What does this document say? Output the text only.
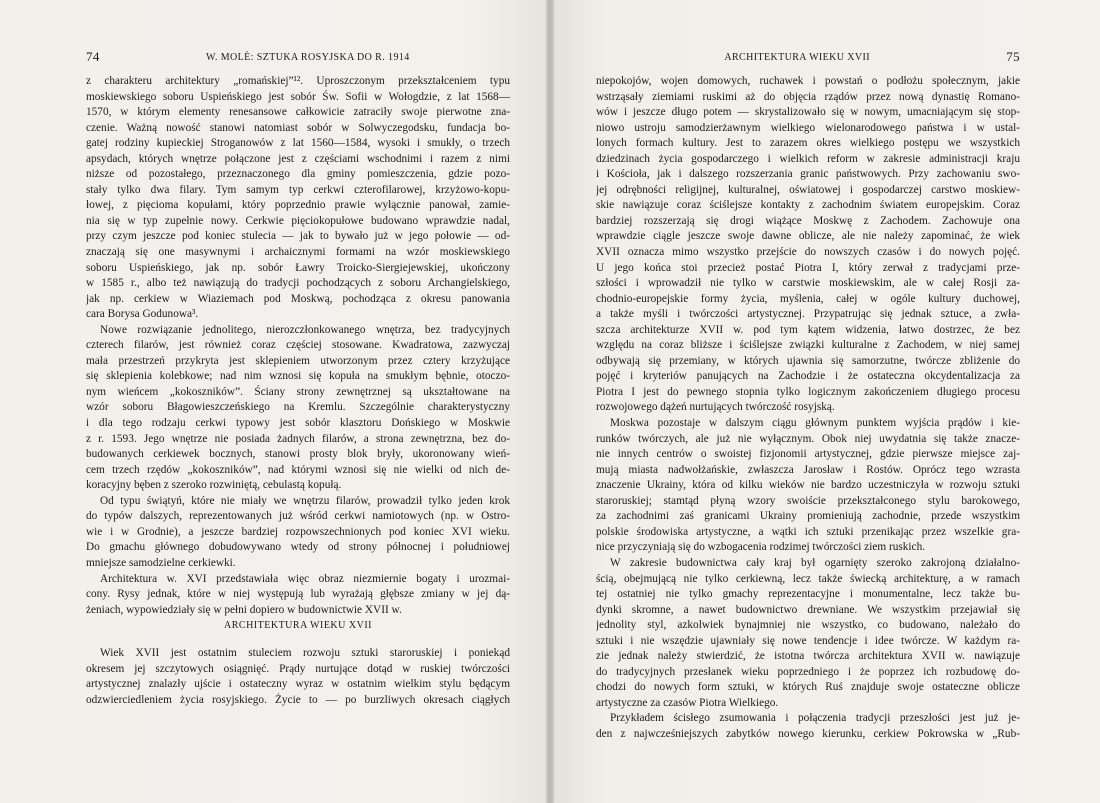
74	W. MOLÈ: SZTUKA ROSYJSKA DO R. 1914
z charakteru architektury „romańskiej”¹². Uproszczonym przekształceniem typu
moskiewskiego soboru Uspieńskiego jest sobór Św. Sofii w Wołogdzie, z lat 1568—
1570, w którym elementy renesansowe całkowicie zatraciły swoje pierwotne zna-
czenie. Ważną nowość stanowi natomiast sobór w Solwyczegodsku, fundacja bo-
gatej rodziny kupieckiej Stroganowów z lat 1560—1584, wysoki i smukły, o trzech
apsydach, których wnętrze połączone jest z częściami wschodnimi i razem z nimi
niższe od pozostałego, przeznaczonego dla gminy pomieszczenia, gdzie pozo-
stały tylko dwa filary. Tym samym typ cerkwi czterofilarowej, krzyżowo-kopu-
łowej, z pięcioma kopułami, który poprzednio prawie wyłącznie panował, zamie-
nia się w typ zupełnie nowy. Cerkwie pięciokopułowe budowano wprawdzie nadal,
przy czym jeszcze pod koniec stulecia — jak to bywało już w jego połowie — od-
znaczają się one masywnymi i archaicznymi formami na wzór moskiewskiego
soboru Uspieńskiego, jak np. sobór Ławry Troicko-Siergiejewskiej, ukończony
w 1585 r., albo też nawiązują do tradycji pochodzących z soboru Archangielskiego,
jak np. cerkiew w Wiaziemach pod Moskwą, pochodząca z okresu panowania
cara Borysa Godunowa³.
Nowe rozwiązanie jednolitego, nierozczłonkowanego wnętrza, bez tradycyjnych
czterech filarów, jest również coraz częściej stosowane. Kwadratowa, zazwyczaj
mała przestrzeń przykryta jest sklepieniem utworzonym przez cztery krzyżujące
się sklepienia kolebkowe; nad nim wznosi się kopuła na smukłym bębnie, otoczo-
nym wieńcem „kokoszników”. Ściany strony zewnętrznej są ukształtowane na
wzór soboru Błagowieszczeńskiego na Kremlu. Szczególnie charakterystyczny
i dla tego rodzaju cerkwi typowy jest sobór klasztoru Dońskiego w Moskwie
z r. 1593. Jego wnętrze nie posiada żadnych filarów, a strona zewnętrzna, bez do-
budowanych cerkiewek bocznych, stanowi prosty blok bryły, ukoronowany wień-
cem trzech rzędów „kokoszników”, nad którymi wznosi się nie wielki od nich de-
koracyjny bęben z szeroko rozwiniętą, cebulastą kopułą.
Od typu świątyń, które nie miały we wnętrzu filarów, prowadził tylko jeden krok
do typów dalszych, reprezentowanych już wśród cerkwi namiotowych (np. w Ostro-
wie i w Grodnie), a jeszcze bardziej rozpowszechnionych pod koniec XVI wieku.
Do gmachu głównego dobudowywano wtedy od strony północnej i południowej
mniejsze samodzielne cerkiewki.
Architektura w. XVI przedstawiała więc obraz niezmiernie bogaty i urozmai-
cony. Rysy jednak, które w niej występują lub wyrażają głębsze zmiany w jej dą-
żeniach, wypowiedziały się w pełni dopiero w budownictwie XVII w.
ARCHITEKTURA WIEKU XVII
Wiek XVII jest ostatnim stuleciem rozwoju sztuki staroruskiej i poniekąd
okresem jej szczytowych osiągnięć. Prądy nurtujące dotąd w ruskiej twórczości
artystycznej znalazły ujście i ostateczny wyraz w ostatnim wielkim stylu będącym
odzwierciedleniem życia rosyjskiego. Życie to — po burzliwych okresach ciągłych
ARCHITEKTURA WIEKU XVII	75
niepokojów, wojen domowych, ruchawek i powstań o podłożu społecznym, jakie
wstrząsały ziemiami ruskimi aż do objęcia rządów przez nową dynastię Romano-
wów i jeszcze długo potem — skrystalizowało się w nowym, umacniającym się stop-
niowo ustroju samodzierżawnym wielkiego wielonarodowego państwa i w ustal-
lonych formach kultury. Jest to zarazem okres wielkiego postępu we wszystkich
dziedzinach życia gospodarczego i wielkich reform w zakresie administracji kraju
i Kościoła, jak i dalszego rozszerzania granic państwowych. Przy zachowaniu swo-
jej odrębności religijnej, kulturalnej, oświatowej i gospodarczej carstwo moskiew-
skie nawiązuje coraz ściślejsze kontakty z zachodnim światem europejskim. Coraz
bardziej rozszerzają się drogi wiążące Moskwę z Zachodem. Zachowuje ona
wprawdzie ciągle jeszcze swoje dawne oblicze, ale nie należy zapominać, że wiek
XVII oznacza mimo wszystko przejście do nowszych czasów i do nowych pojęć.
U jego końca stoi przecież postać Piotra I, który zerwał z tradycjami prze-
szłości i wprowadził nie tylko w carstwie moskiewskim, ale w całej Rosji za-
chodnio-europejskie formy życia, myślenia, całej w ogóle kultury duchowej,
a także myśli i twórczości artystycznej. Przypatrując się jednak sztuce, a zwła-
szcza architekturze XVII w. pod tym kątem widzenia, łatwo dostrzec, że bez
względu na coraz bliższe i ściślejsze związki kulturalne z Zachodem, w niej samej
odbywają się przemiany, w których ujawnia się samorzutne, twórcze zbliżenie do
pojęć i kryteriów panujących na Zachodzie i że ostateczna okcydentalizacja za
Piotra I jest do pewnego stopnia tylko logicznym zakończeniem długiego procesu
rozwojowego dążeń nurtujących twórczość rosyjską.
Moskwa pozostaje w dalszym ciągu głównym punktem wyjścia prądów i kie-
runków twórczych, ale już nie wyłącznym. Obok niej uwydatnia się także znacze-
nie innych centrów o swoistej fizjonomii artystycznej, gdzie pierwsze miejsce zaj-
mują miasta nadwołżańskie, zwłaszcza Jarosław i Rostów. Oprócz tego wzrasta
znaczenie Ukrainy, która od kilku wieków nie bardzo uczestniczyła w rozwoju sztuki
staroruskiej; stamtąd płyną wzory swoiście przekształconego stylu barokowego,
za zachodnimi zaś granicami Ukrainy promieniują zachodnie, przede wszystkim
polskie środowiska artystyczne, a wątki ich sztuki przenikając przez wszelkie gra-
nice przyczyniają się do wzbogacenia rodzimej twórczości ziem ruskich.
W zakresie budownictwa cały kraj był ogarnięty szeroko zakrojoną działalno-
ścią, obejmującą nie tylko cerkiewną, lecz także świecką architekturę, a w ramach
tej ostatniej nie tylko gmachy reprezentacyjne i monumentalne, lecz także bu-
dynki skromne, a nawet budownictwo drewniane. We wszystkim przejawiał się
jednolity styl, azkolwiek bynajmniej nie wszystko, co budowano, należało do
sztuki i nie wszędzie ujawniały się nowe tendencje i idee twórcze. W każdym ra-
zie jednak należy stwierdzić, że istotna twórcza architektura XVII w. nawiązuje
do tradycyjnych przesłanek wieku poprzedniego i że poprzez ich rozbudowę do-
chodzi do nowych form sztuki, w których Ruś znajduje swoje ostateczne oblicze
artystyczne za czasów Piotra Wielkiego.
Przykładem ścisłego zsumowania i połączenia tradycji przeszłości jest już je-
den z najwcześniejszych zabytków nowego kierunku, cerkiew Pokrowska w „Rub-
